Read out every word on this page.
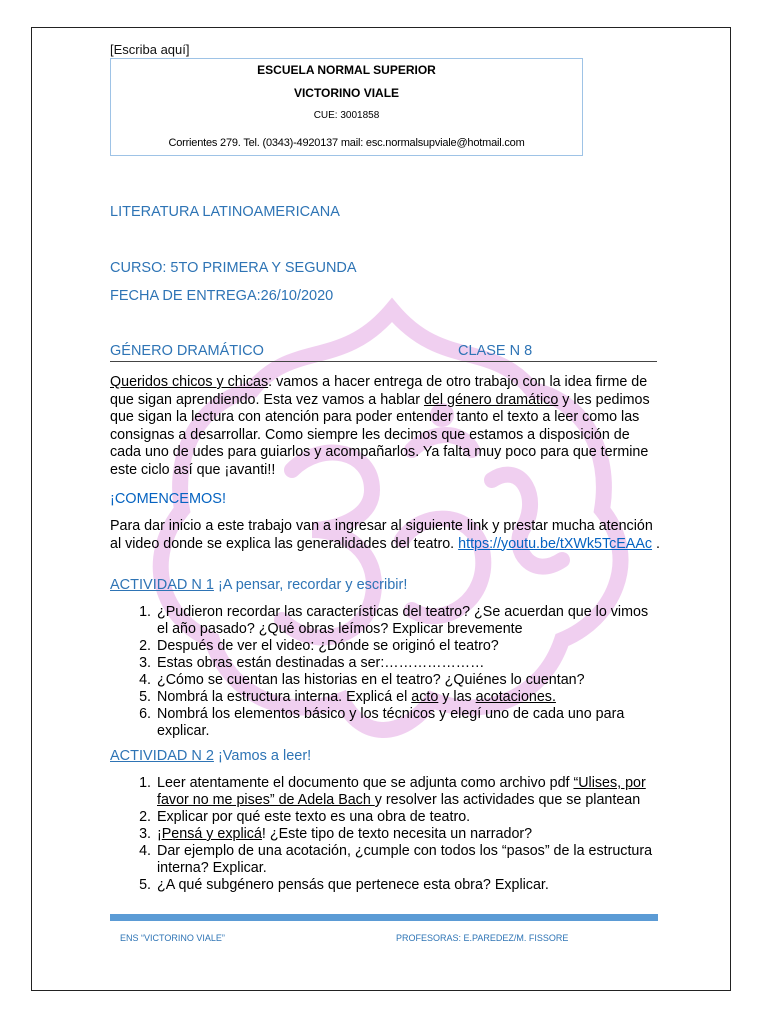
[Escriba aquí]
ESCUELA NORMAL SUPERIOR
VICTORINO VIALE
CUE: 3001858
Corrientes 279. Tel. (0343)-4920137 mail: esc.normalsupviale@hotmail.com
LITERATURA LATINOAMERICANA
CURSO: 5TO PRIMERA Y SEGUNDA
FECHA DE ENTREGA:26/10/2020
GÉNERO DRAMÁTICO	CLASE N 8

Queridos chicos y chicas: vamos a hacer entrega de otro trabajo con la idea firme de que sigan aprendiendo. Esta vez vamos a hablar del género dramático y les pedimos que sigan la lectura con atención para poder entender tanto el texto a leer como las consignas a desarrollar. Como siempre les decimos que estamos a disposición de cada uno de udes para guiarlos y acompañarlos. Ya falta muy poco para que termine este ciclo así que ¡avanti!!

¡COMENCEMOS!

Para dar inicio a este trabajo van a ingresar al siguiente link y prestar mucha atención al video donde se explica las generalidades del teatro. https://youtu.be/tXWk5TcEAAc .

ACTIVIDAD N 1 ¡A pensar, recordar y escribir!
1. ¿Pudieron recordar las características del teatro? ¿Se acuerdan que lo vimos el año pasado? ¿Qué obras leímos? Explicar brevemente
2. Después de ver el video: ¿Dónde se originó el teatro?
3. Estas obras están destinadas a ser:…………………
4. ¿Cómo se cuentan las historias en el teatro? ¿Quiénes lo cuentan?
5. Nombrá la estructura interna. Explicá el acto y las acotaciones.
6. Nombrá los elementos básico y los técnicos y elegí uno de cada uno para explicar.
ACTIVIDAD N 2 ¡Vamos a leer!
1. Leer atentamente el documento que se adjunta como archivo pdf “Ulises, por favor no me pises” de Adela Bach y resolver las actividades que se plantean
2. Explicar por qué este texto es una obra de teatro.
3. ¡Pensá y explicá! ¿Este tipo de texto necesita un narrador?
4. Dar ejemplo de una acotación, ¿cumple con todos los “pasos” de la estructura interna? Explicar.
5. ¿A qué subgénero pensás que pertenece esta obra? Explicar.
ENS “VICTORINO VIALE”	PROFESORAS: E.PAREDEZ/M. FISSORE
